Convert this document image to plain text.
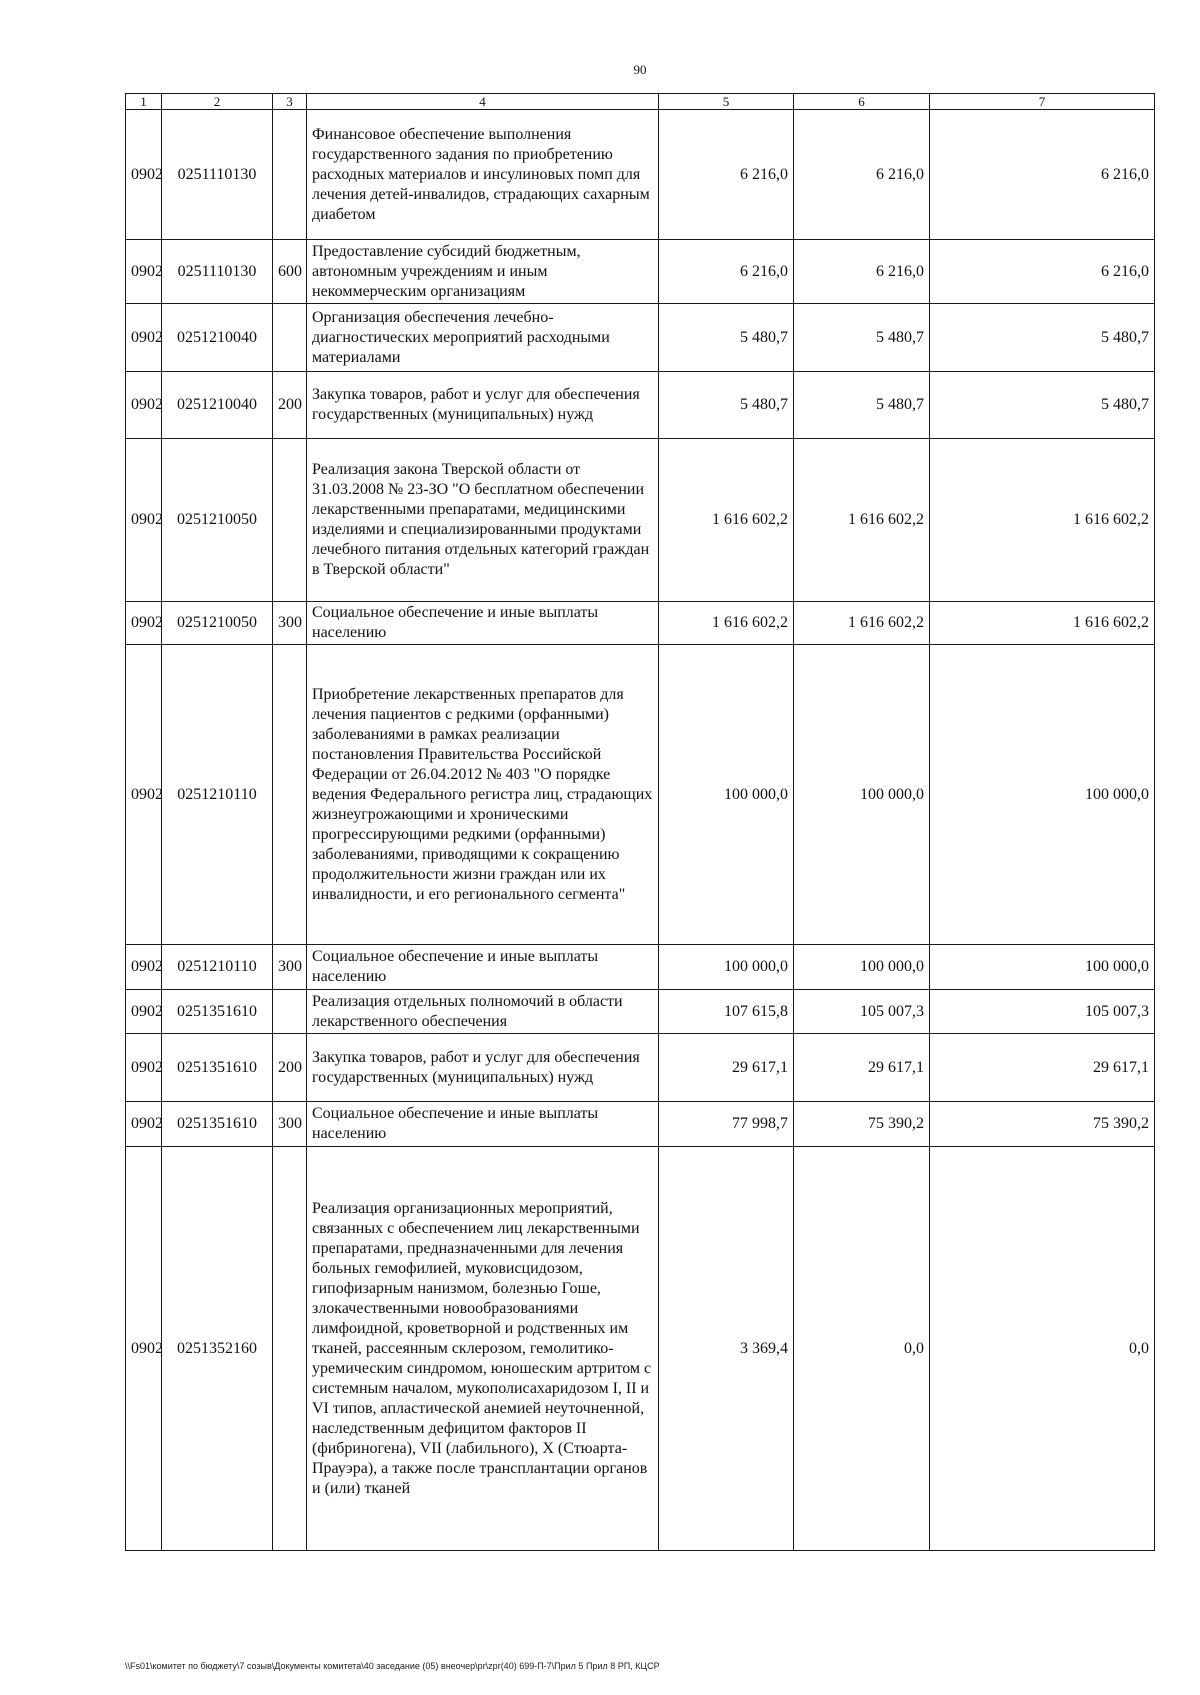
90
1	2	3	4	5	6	7
0902	0251110130		Финансовое обеспечение выполнения государственного задания по приобретению расходных материалов и инсулиновых помп для лечения детей-инвалидов, страдающих сахарным диабетом	6 216,0	6 216,0	6 216,0
0902	0251110130	600	Предоставление субсидий бюджетным, автономным учреждениям и иным некоммерческим организациям	6 216,0	6 216,0	6 216,0
0902	0251210040		Организация обеспечения лечебно-диагностических мероприятий расходными материалами	5 480,7	5 480,7	5 480,7
0902	0251210040	200	Закупка товаров, работ и услуг для обеспечения государственных (муниципальных) нужд	5 480,7	5 480,7	5 480,7
0902	0251210050		Реализация закона Тверской области от 31.03.2008 № 23-ЗО "О бесплатном обеспечении лекарственными препаратами, медицинскими изделиями и специализированными продуктами лечебного питания отдельных категорий граждан в Тверской области"	1 616 602,2	1 616 602,2	1 616 602,2
0902	0251210050	300	Социальное обеспечение и иные выплаты населению	1 616 602,2	1 616 602,2	1 616 602,2
0902	0251210110		Приобретение лекарственных препаратов для лечения пациентов с редкими (орфанными) заболеваниями в рамках реализации постановления Правительства Российской Федерации от 26.04.2012 № 403 "О порядке ведения Федерального регистра лиц, страдающих жизнеугрожающими и хроническими прогрессирующими редкими (орфанными) заболеваниями, приводящими к сокращению продолжительности жизни граждан или их инвалидности, и его регионального сегмента"	100 000,0	100 000,0	100 000,0
0902	0251210110	300	Социальное обеспечение и иные выплаты населению	100 000,0	100 000,0	100 000,0
0902	0251351610		Реализация отдельных полномочий в области лекарственного обеспечения	107 615,8	105 007,3	105 007,3
0902	0251351610	200	Закупка товаров, работ и услуг для обеспечения государственных (муниципальных) нужд	29 617,1	29 617,1	29 617,1
0902	0251351610	300	Социальное обеспечение и иные выплаты населению	77 998,7	75 390,2	75 390,2
0902	0251352160		Реализация организационных мероприятий, связанных с обеспечением лиц лекарственными препаратами, предназначенными для лечения больных гемофилией, муковисцидозом, гипофизарным нанизмом, болезнью Гоше, злокачественными новообразованиями лимфоидной, кроветворной и родственных им тканей, рассеянным склерозом, гемолитико-уремическим синдромом, юношеским артритом с системным началом, мукополисахаридозом I, II и VI типов, апластической анемией неуточненной, наследственным дефицитом факторов II (фибриногена), VII (лабильного), X (Стюарта-Прауэра), а также после трансплантации органов и (или) тканей	3 369,4	0,0	0,0
\\Fs01\комитет по бюджету\7 созыв\Документы комитета\40 заседание (05) внеочер\pr\zpr(40) 699-П-7\Прил 5 Прил 8 РП, КЦСР
